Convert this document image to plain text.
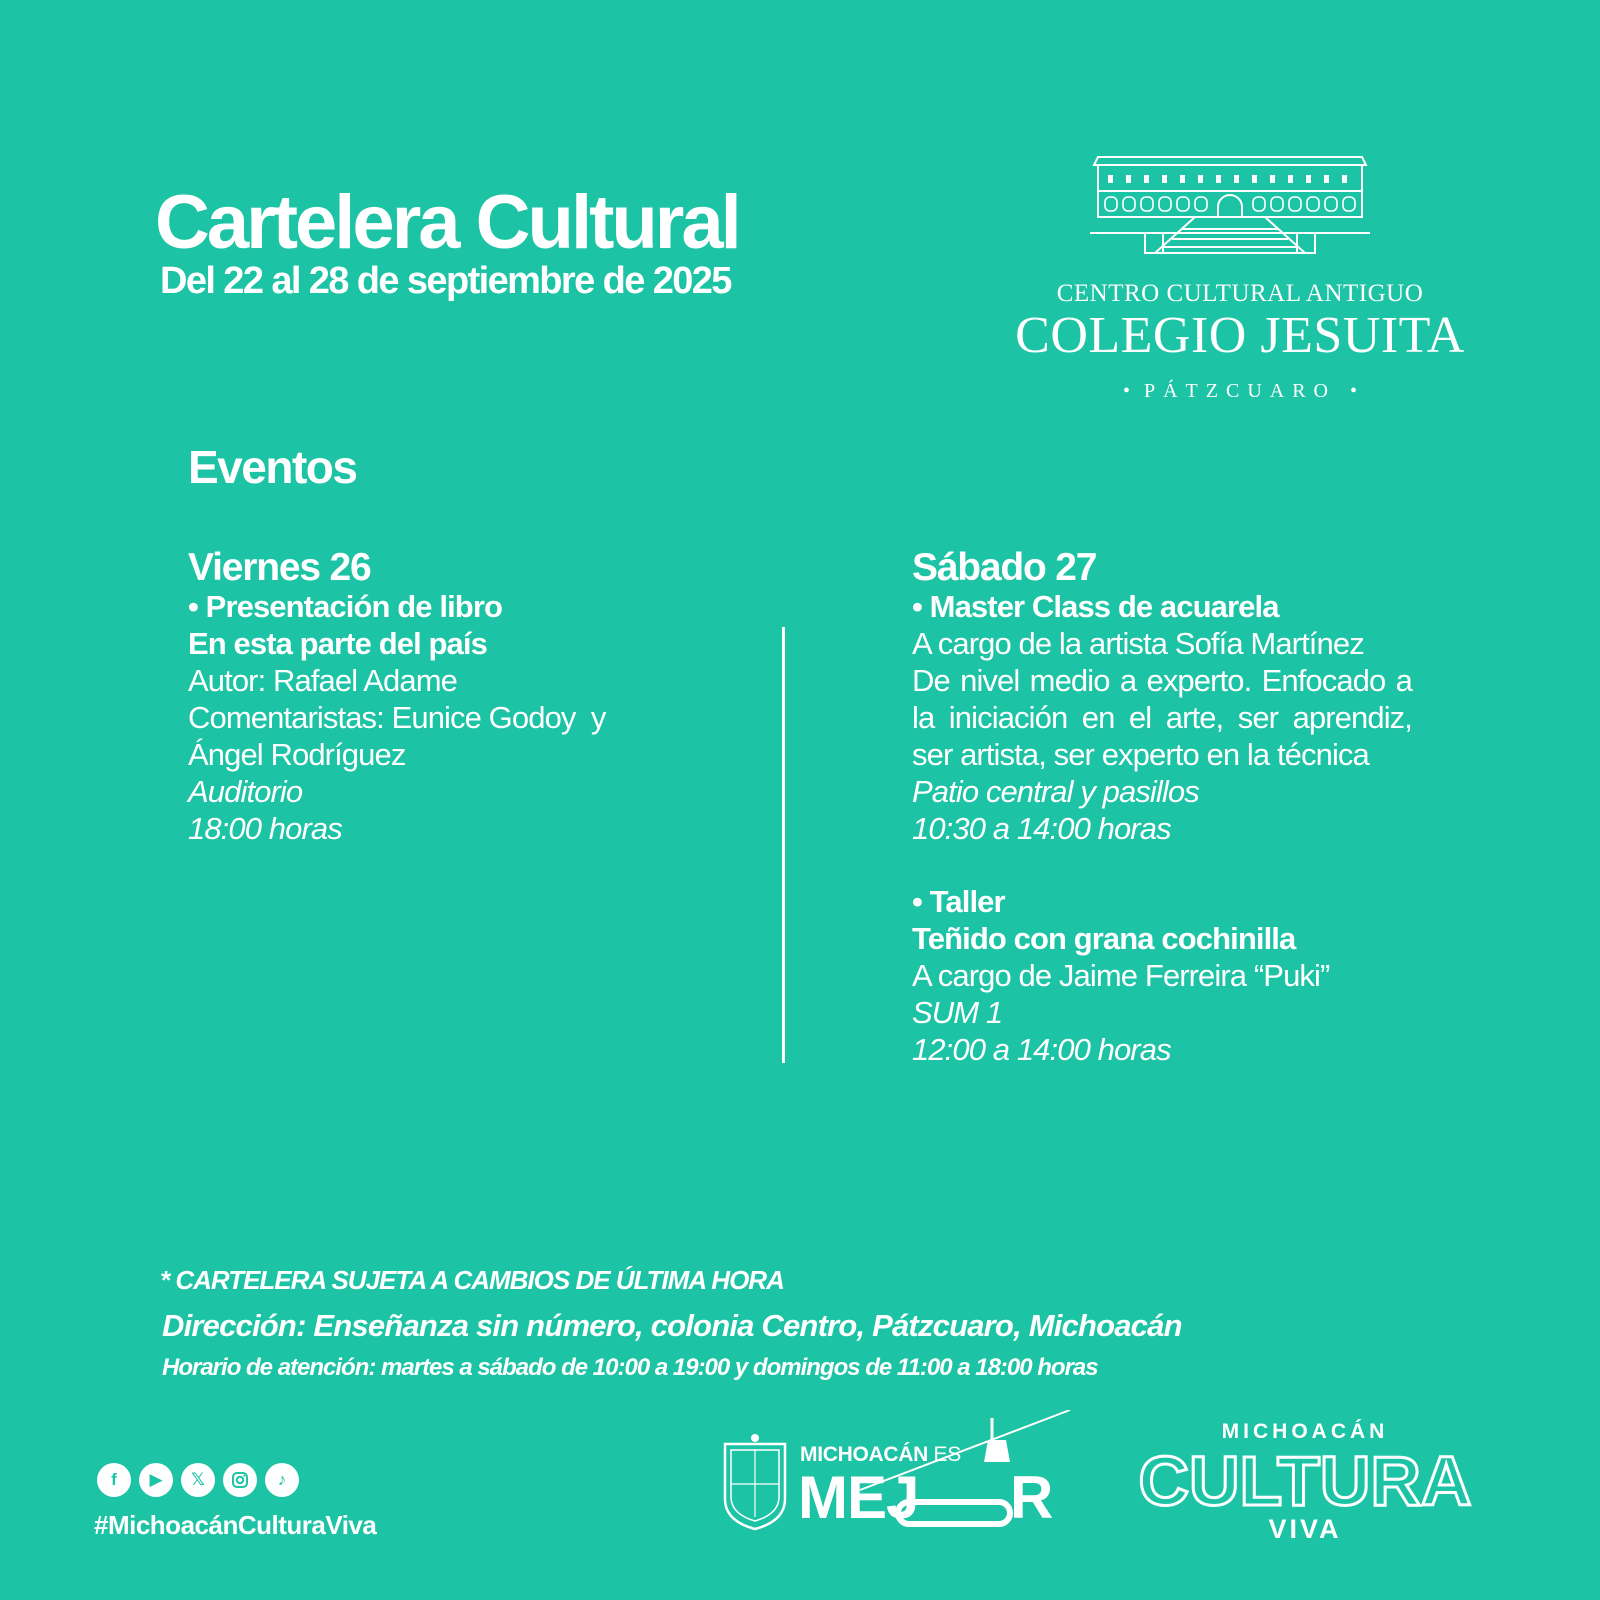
Cartelera Cultural
Del 22 al 28 de septiembre de 2025	CENTRO CULTURAL ANTIGUO
COLEGIO JESUITA
• PÁTZCUARO •
Eventos
Viernes 26
• Presentación de libro
En esta parte del país
Autor: Rafael Adame
Comentaristas: Eunice Godoy  y
Ángel Rodríguez
Auditorio
18:00 horas
Sábado 27
• Master Class de acuarela
A cargo de la artista Sofía Martínez
De nivel medio a experto. Enfocado a la iniciación en el arte, ser aprendiz, ser artista, ser experto en la técnica
Patio central y pasillos
10:30 a 14:00 horas
• Taller
Teñido con grana cochinilla
A cargo de Jaime Ferreira “Puki”
SUM 1
12:00 a 14:00 horas
* CARTELERA SUJETA A CAMBIOS DE ÚLTIMA HORA
Dirección: Enseñanza sin número, colonia Centro, Pátzcuaro, Michoacán
Horario de atención: martes a sábado de 10:00 a 19:00 y domingos de 11:00 a 18:00 horas
f	▶	𝕏	♪
#MichoacánCulturaViva
MICHOACÁN ES
MEJ R
MICHOACÁN
CULTURA
VIVA
